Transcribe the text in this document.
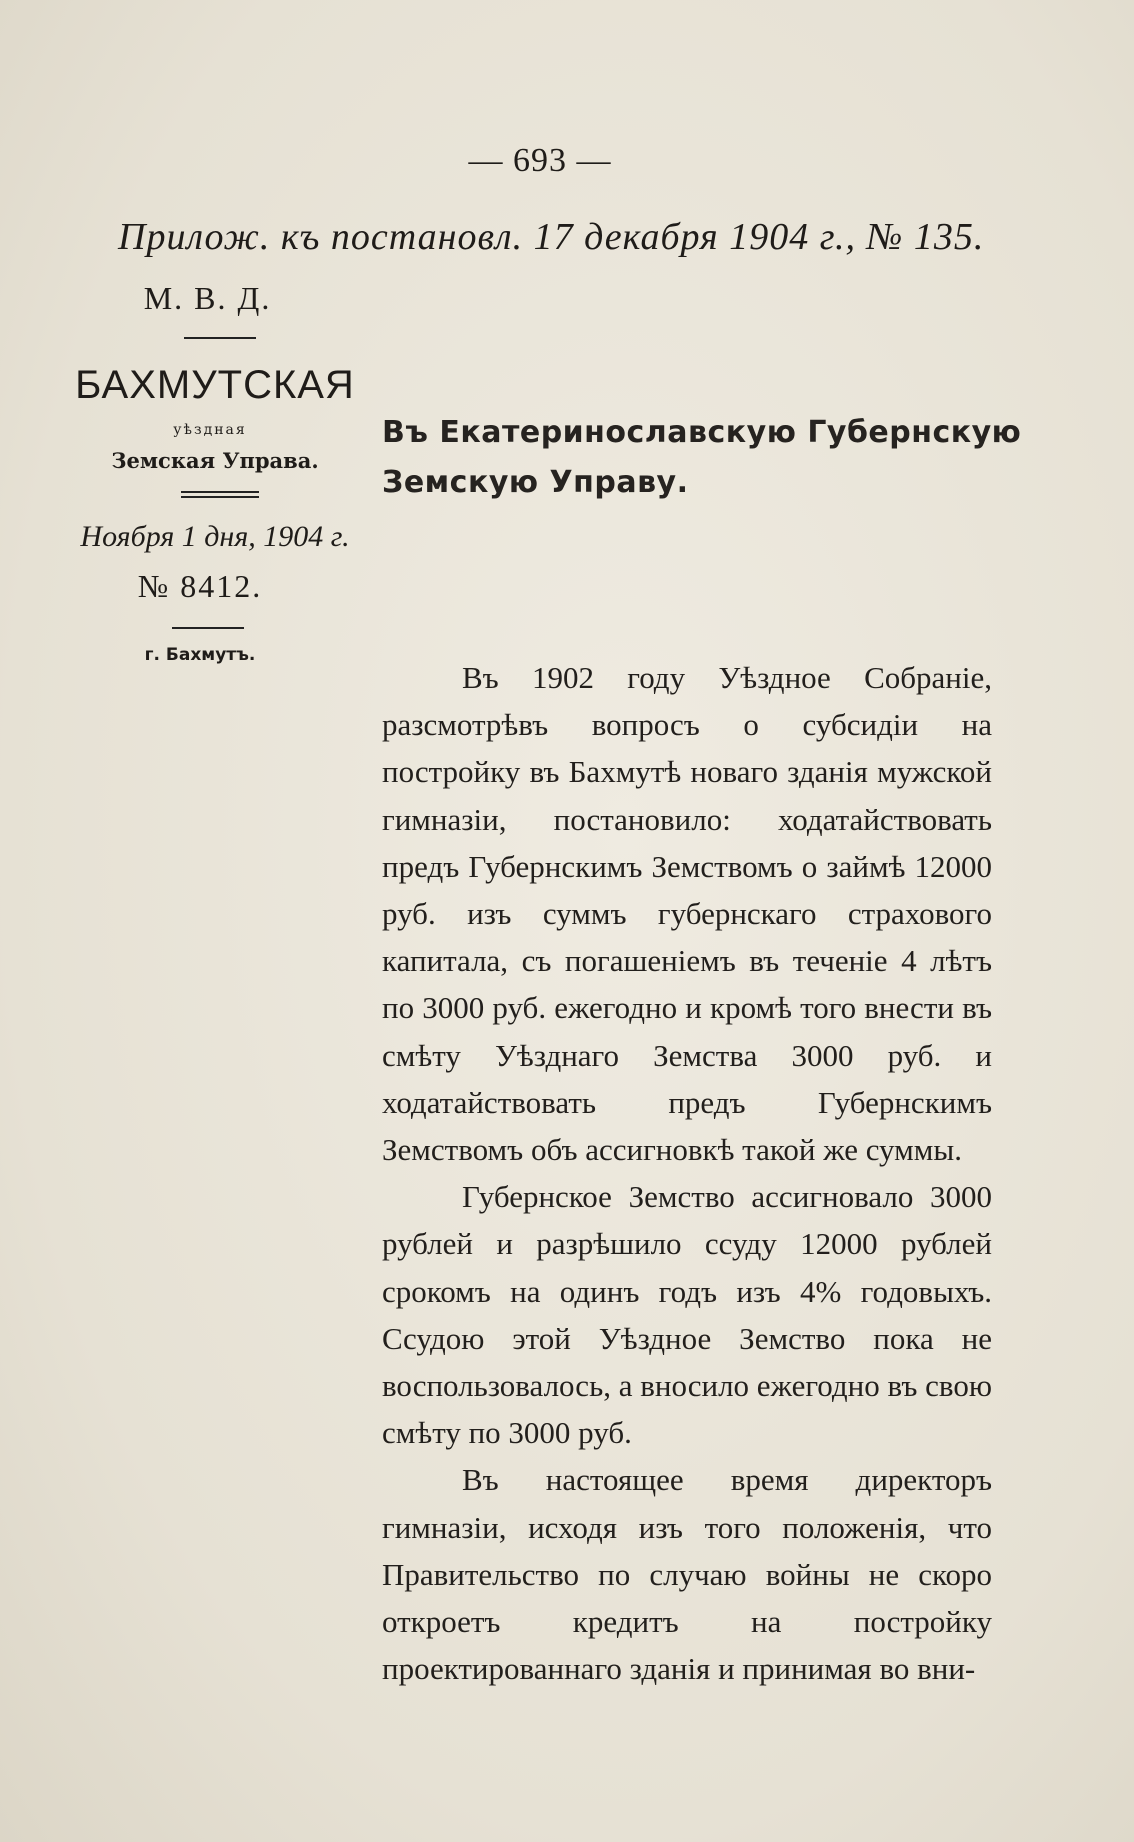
— 693 —
Прилож. къ постановл. 17 декабря 1904 г., № 135.
М. В. Д.
БАХМУТСКАЯ
уѣздная
Земская Управа.
Ноября 1 дня, 1904 г.
№ 8412.
г. Бахмутъ.
Въ Екатеринославскую Губернскую
Земскую Управу.

Въ 1902 году Уѣздное Собраніе, разсмотрѣвъ вопросъ о субсидіи на постройку въ Бахмутѣ новаго зданія мужской гимназіи, постановило: ходатайствовать предъ Губернскимъ Земствомъ о займѣ 12000 руб. изъ суммъ губернскаго страхового капитала, съ погашеніемъ въ теченіе 4 лѣтъ по 3000 руб. ежегодно и кромѣ того внести въ смѣту Уѣзднаго Земства 3000 руб. и ходатайствовать предъ Губернскимъ Земствомъ объ ассигновкѣ такой же суммы.

Губернское Земство ассигновало 3000 рублей и разрѣшило ссуду 12000 рублей срокомъ на одинъ годъ изъ 4% годовыхъ. Ссудою этой Уѣздное Земство пока не воспользовалось, а вносило ежегодно въ свою смѣту по 3000 руб.

Въ настоящее время директоръ гимназіи, исходя изъ того положенія, что Правительство по случаю войны не скоро откроетъ кредитъ на постройку проектированнаго зданія и принимая во вни-
